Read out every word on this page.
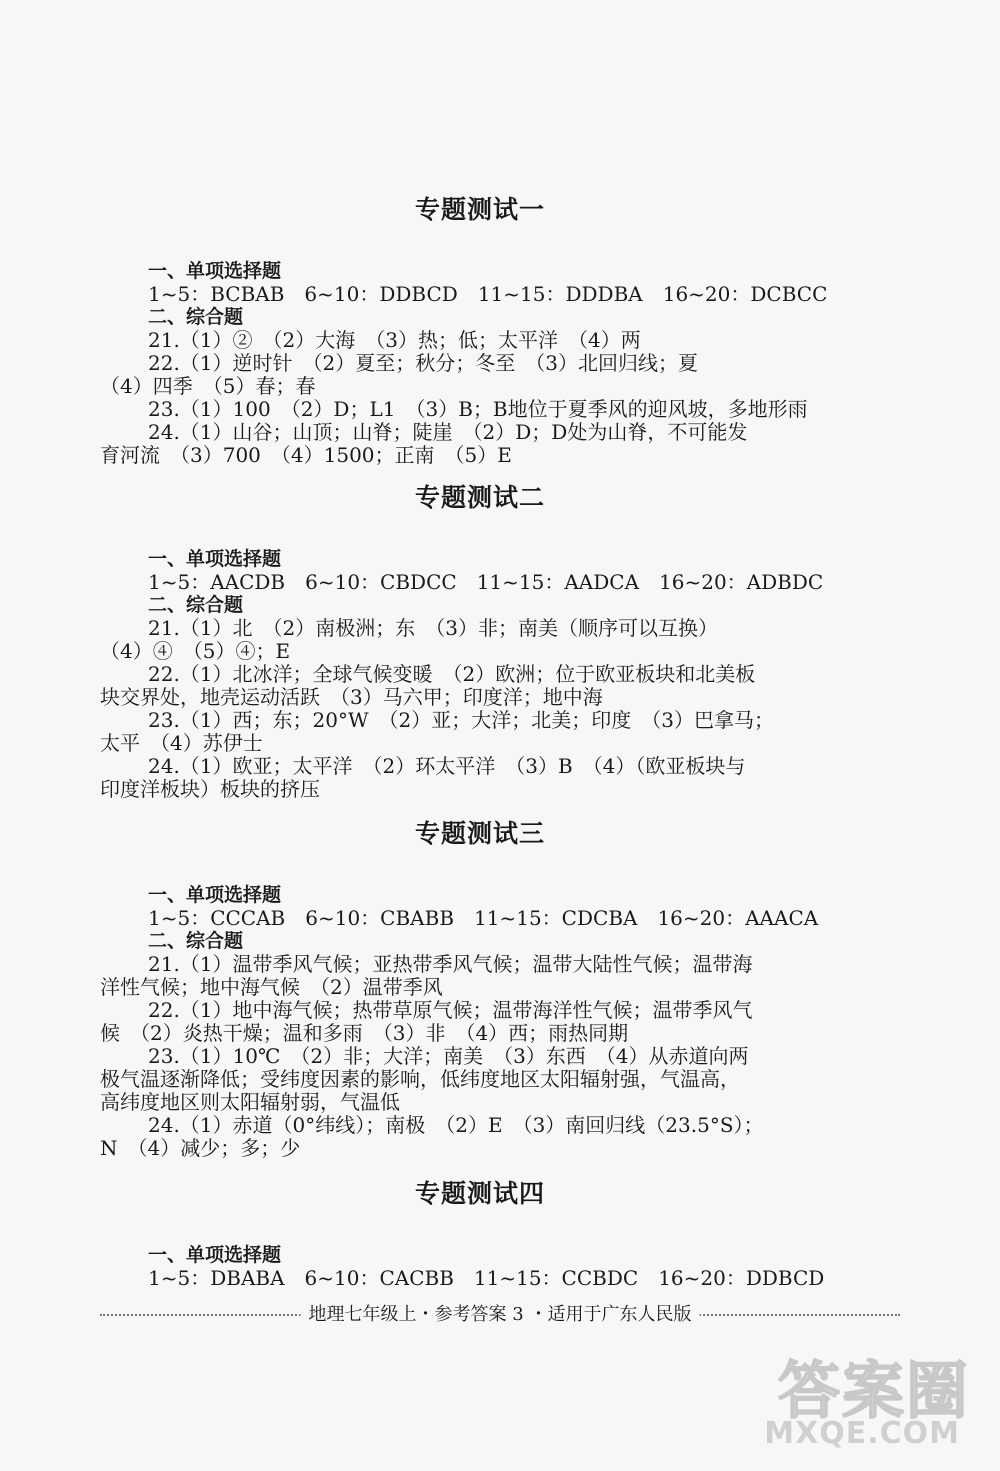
专题测试一

一、单项选择题

1~5：BCBAB　6~10：DDBCD　11~15：DDDBA　16~20：DCBCC

二、综合题

21.（1）②　（2）大海　（3）热；低；太平洋　（4）两

22.（1）逆时针　（2）夏至；秋分；冬至　（3）北回归线；夏

（4）四季　（5）春；春

23.（1）100　（2）D；L1　（3）B；B地位于夏季风的迎风坡，多地形雨

24.（1）山谷；山顶；山脊；陡崖　（2）D；D处为山脊，不可能发

育河流　（3）700　（4）1500；正南　（5）E

专题测试二

一、单项选择题

1~5：AACDB　6~10：CBDCC　11~15：AADCA　16~20：ADBDC

二、综合题

21.（1）北　（2）南极洲；东　（3）非；南美（顺序可以互换）

（4）④　（5）④；E

22.（1）北冰洋；全球气候变暖　（2）欧洲；位于欧亚板块和北美板

块交界处，地壳运动活跃　（3）马六甲；印度洋；地中海

23.（1）西；东；20°W　（2）亚；大洋；北美；印度　（3）巴拿马；

太平　（4）苏伊士

24.（1）欧亚；太平洋　（2）环太平洋　（3）B　（4）（欧亚板块与

印度洋板块）板块的挤压

专题测试三

一、单项选择题

1~5：CCCAB　6~10：CBABB　11~15：CDCBA　16~20：AAACA

二、综合题

21.（1）温带季风气候；亚热带季风气候；温带大陆性气候；温带海

洋性气候；地中海气候　（2）温带季风

22.（1）地中海气候；热带草原气候；温带海洋性气候；温带季风气

候　（2）炎热干燥；温和多雨　（3）非　（4）西；雨热同期

23.（1）10℃　（2）非；大洋；南美　（3）东西　（4）从赤道向两

极气温逐渐降低；受纬度因素的影响，低纬度地区太阳辐射强，气温高，

高纬度地区则太阳辐射弱，气温低

24.（1）赤道（0°纬线）；南极　（2）E　（3）南回归线（23.5°S）；

N　（4）减少；多；少

专题测试四

一、单项选择题

1~5：DBABA　6~10：CACBB　11~15：CCBDC　16~20：DDBCD

地理七年级上・参考答案 3 ・适用于广东人民版
答案圈
MXQE.COM
